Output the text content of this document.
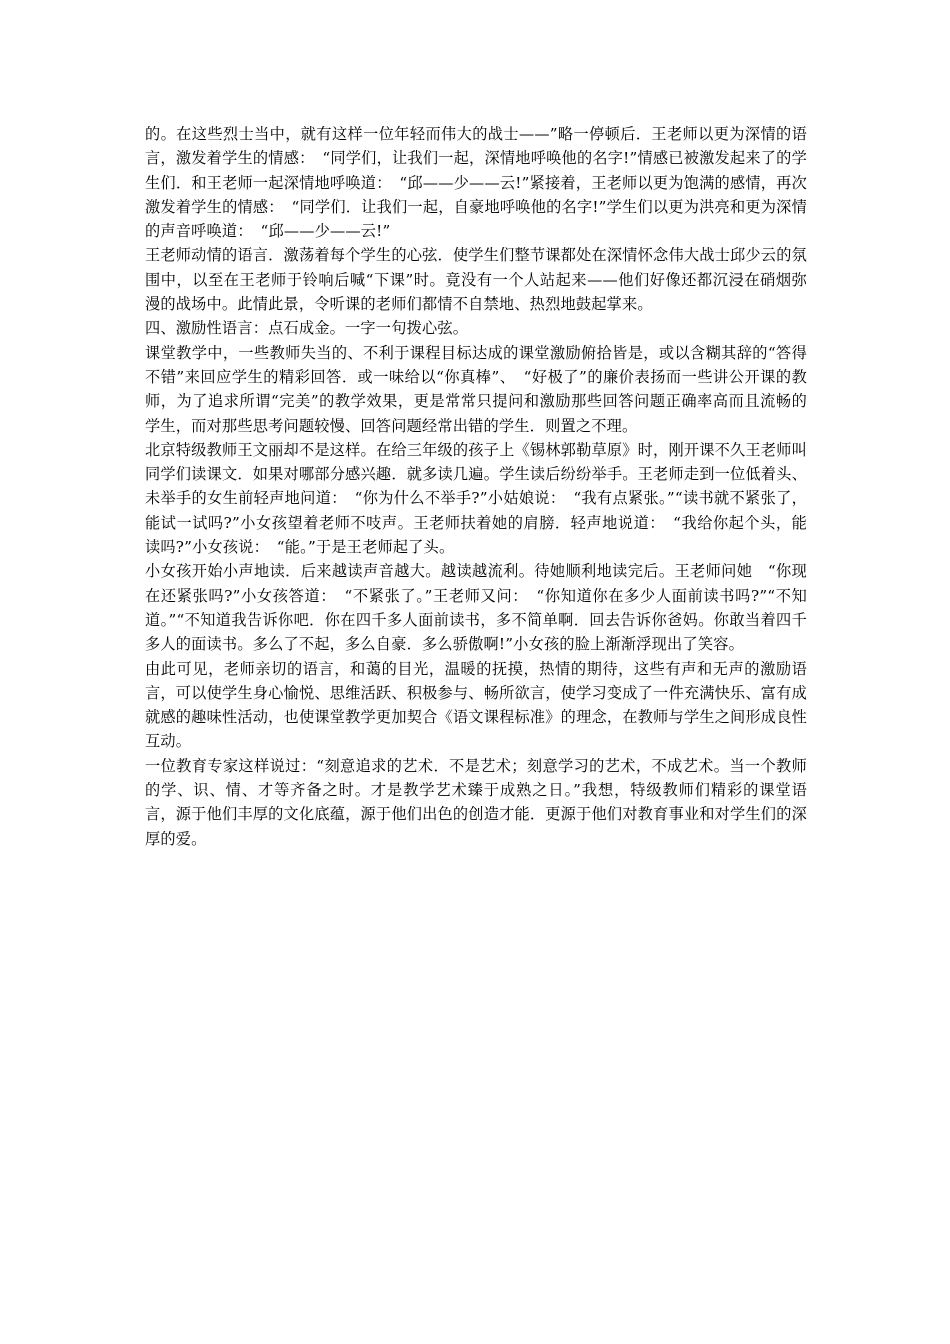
的。在这些烈士当中，就有这样一位年轻而伟大的战士——”略一停顿后．王老师以更为深情的语言，激发着学生的情感：　“同学们，让我们一起，深情地呼唤他的名字!”情感已被激发起来了的学生们．和王老师一起深情地呼唤道：　“邱——少——云!”紧接着，王老师以更为饱满的感情，再次激发着学生的情感：　“同学们．让我们一起，自豪地呼唤他的名字!”学生们以更为洪亮和更为深情的声音呼唤道：　“邱——少——云!”

王老师动情的语言．激荡着每个学生的心弦．使学生们整节课都处在深情怀念伟大战士邱少云的氛围中，以至在王老师于铃响后喊“下课”时。竟没有一个人站起来——他们好像还都沉浸在硝烟弥漫的战场中。此情此景，令听课的老师们都情不自禁地、热烈地鼓起掌来。

四、激励性语言：点石成金。一字一句拨心弦。

课堂教学中，一些教师失当的、不利于课程目标达成的课堂激励俯拾皆是，或以含糊其辞的“答得不错”来回应学生的精彩回答．或一味给以“你真棒”、　“好极了”的廉价表扬而一些讲公开课的教师，为了追求所谓“完美”的教学效果，更是常常只提问和激励那些回答问题正确率高而且流畅的学生，而对那些思考问题较慢、回答问题经常出错的学生．则置之不理。

北京特级教师王文丽却不是这样。在给三年级的孩子上《锡林郭勒草原》时，刚开课不久王老师叫同学们读课文．如果对哪部分感兴趣．就多读几遍。学生读后纷纷举手。王老师走到一位低着头、未举手的女生前轻声地问道：　“你为什么不举手?”小姑娘说：　“我有点紧张。”“读书就不紧张了，能试一试吗?”小女孩望着老师不吱声。王老师扶着她的肩膀．轻声地说道：　“我给你起个头，能读吗?”小女孩说：　“能。”于是王老师起了头。

小女孩开始小声地读．后来越读声音越大。越读越流利。待她顺利地读完后。王老师问她　“你现在还紧张吗?”小女孩答道：　“不紧张了。”王老师又问：　“你知道你在多少人面前读书吗?”“不知道。”“不知道我告诉你吧．你在四千多人面前读书，多不简单啊．回去告诉你爸妈。你敢当着四千多人的面读书。多么了不起，多么自豪．多么骄傲啊!”小女孩的脸上渐渐浮现出了笑容。

由此可见，老师亲切的语言，和蔼的目光，温暖的抚摸，热情的期待，这些有声和无声的激励语言，可以使学生身心愉悦、思维活跃、积极参与、畅所欲言，使学习变成了一件充满快乐、富有成就感的趣味性活动，也使课堂教学更加契合《语文课程标准》的理念，在教师与学生之间形成良性互动。

一位教育专家这样说过：“刻意追求的艺术．不是艺术；刻意学习的艺术，不成艺术。当一个教师的学、识、情、才等齐备之时。才是教学艺术臻于成熟之日。”我想，特级教师们精彩的课堂语言，源于他们丰厚的文化底蕴，源于他们出色的创造才能．更源于他们对教育事业和对学生们的深厚的爱。
